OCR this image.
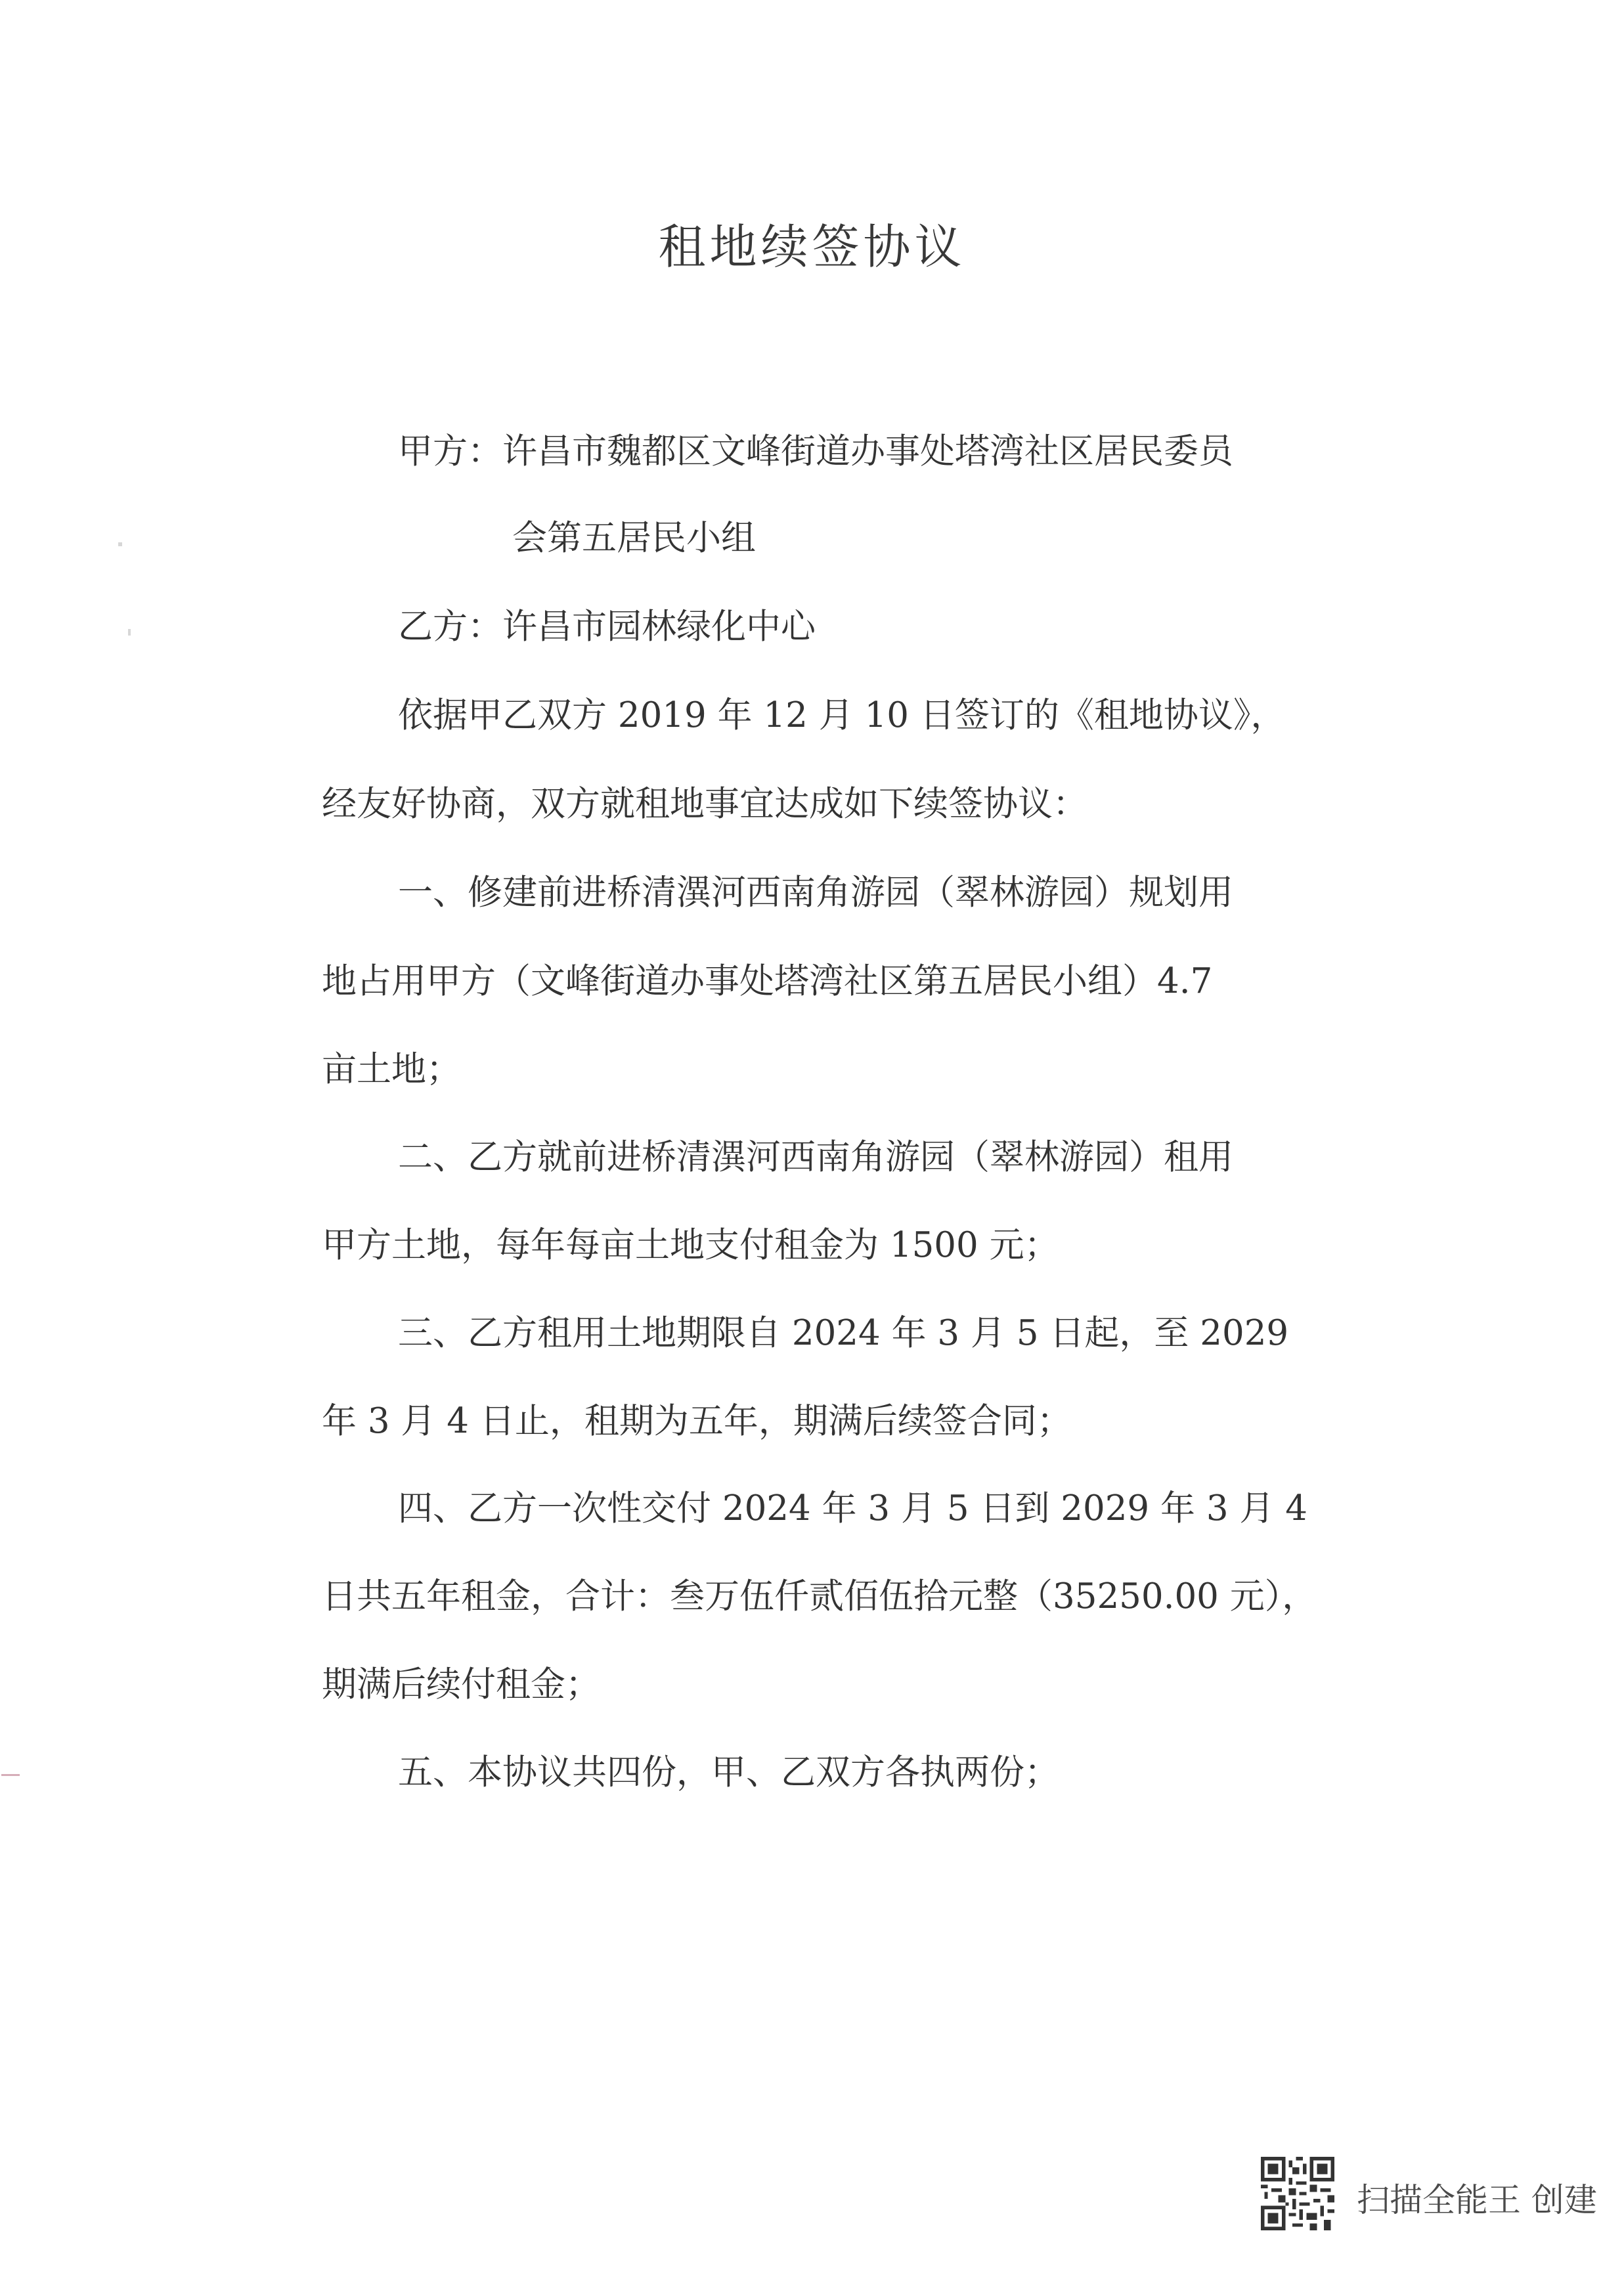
租地续签协议
甲方：许昌市魏都区文峰街道办事处塔湾社区居民委员
会第五居民小组
乙方：许昌市园林绿化中心
依据甲乙双方 2019 年 12 月 10 日签订的《租地协议》，
经友好协商，双方就租地事宜达成如下续签协议：
一、修建前进桥清潩河西南角游园（翠林游园）规划用
地占用甲方（文峰街道办事处塔湾社区第五居民小组）4.7
亩土地；
二、乙方就前进桥清潩河西南角游园（翠林游园）租用
甲方土地，每年每亩土地支付租金为 1500 元；
三、乙方租用土地期限自 2024 年 3 月 5 日起，至 2029
年 3 月 4 日止，租期为五年，期满后续签合同；
四、乙方一次性交付 2024 年 3 月 5 日到 2029 年 3 月 4
日共五年租金，合计：叁万伍仟贰佰伍拾元整（35250.00 元），
期满后续付租金；
五、本协议共四份，甲、乙双方各执两份；
扫描全能王 创建
